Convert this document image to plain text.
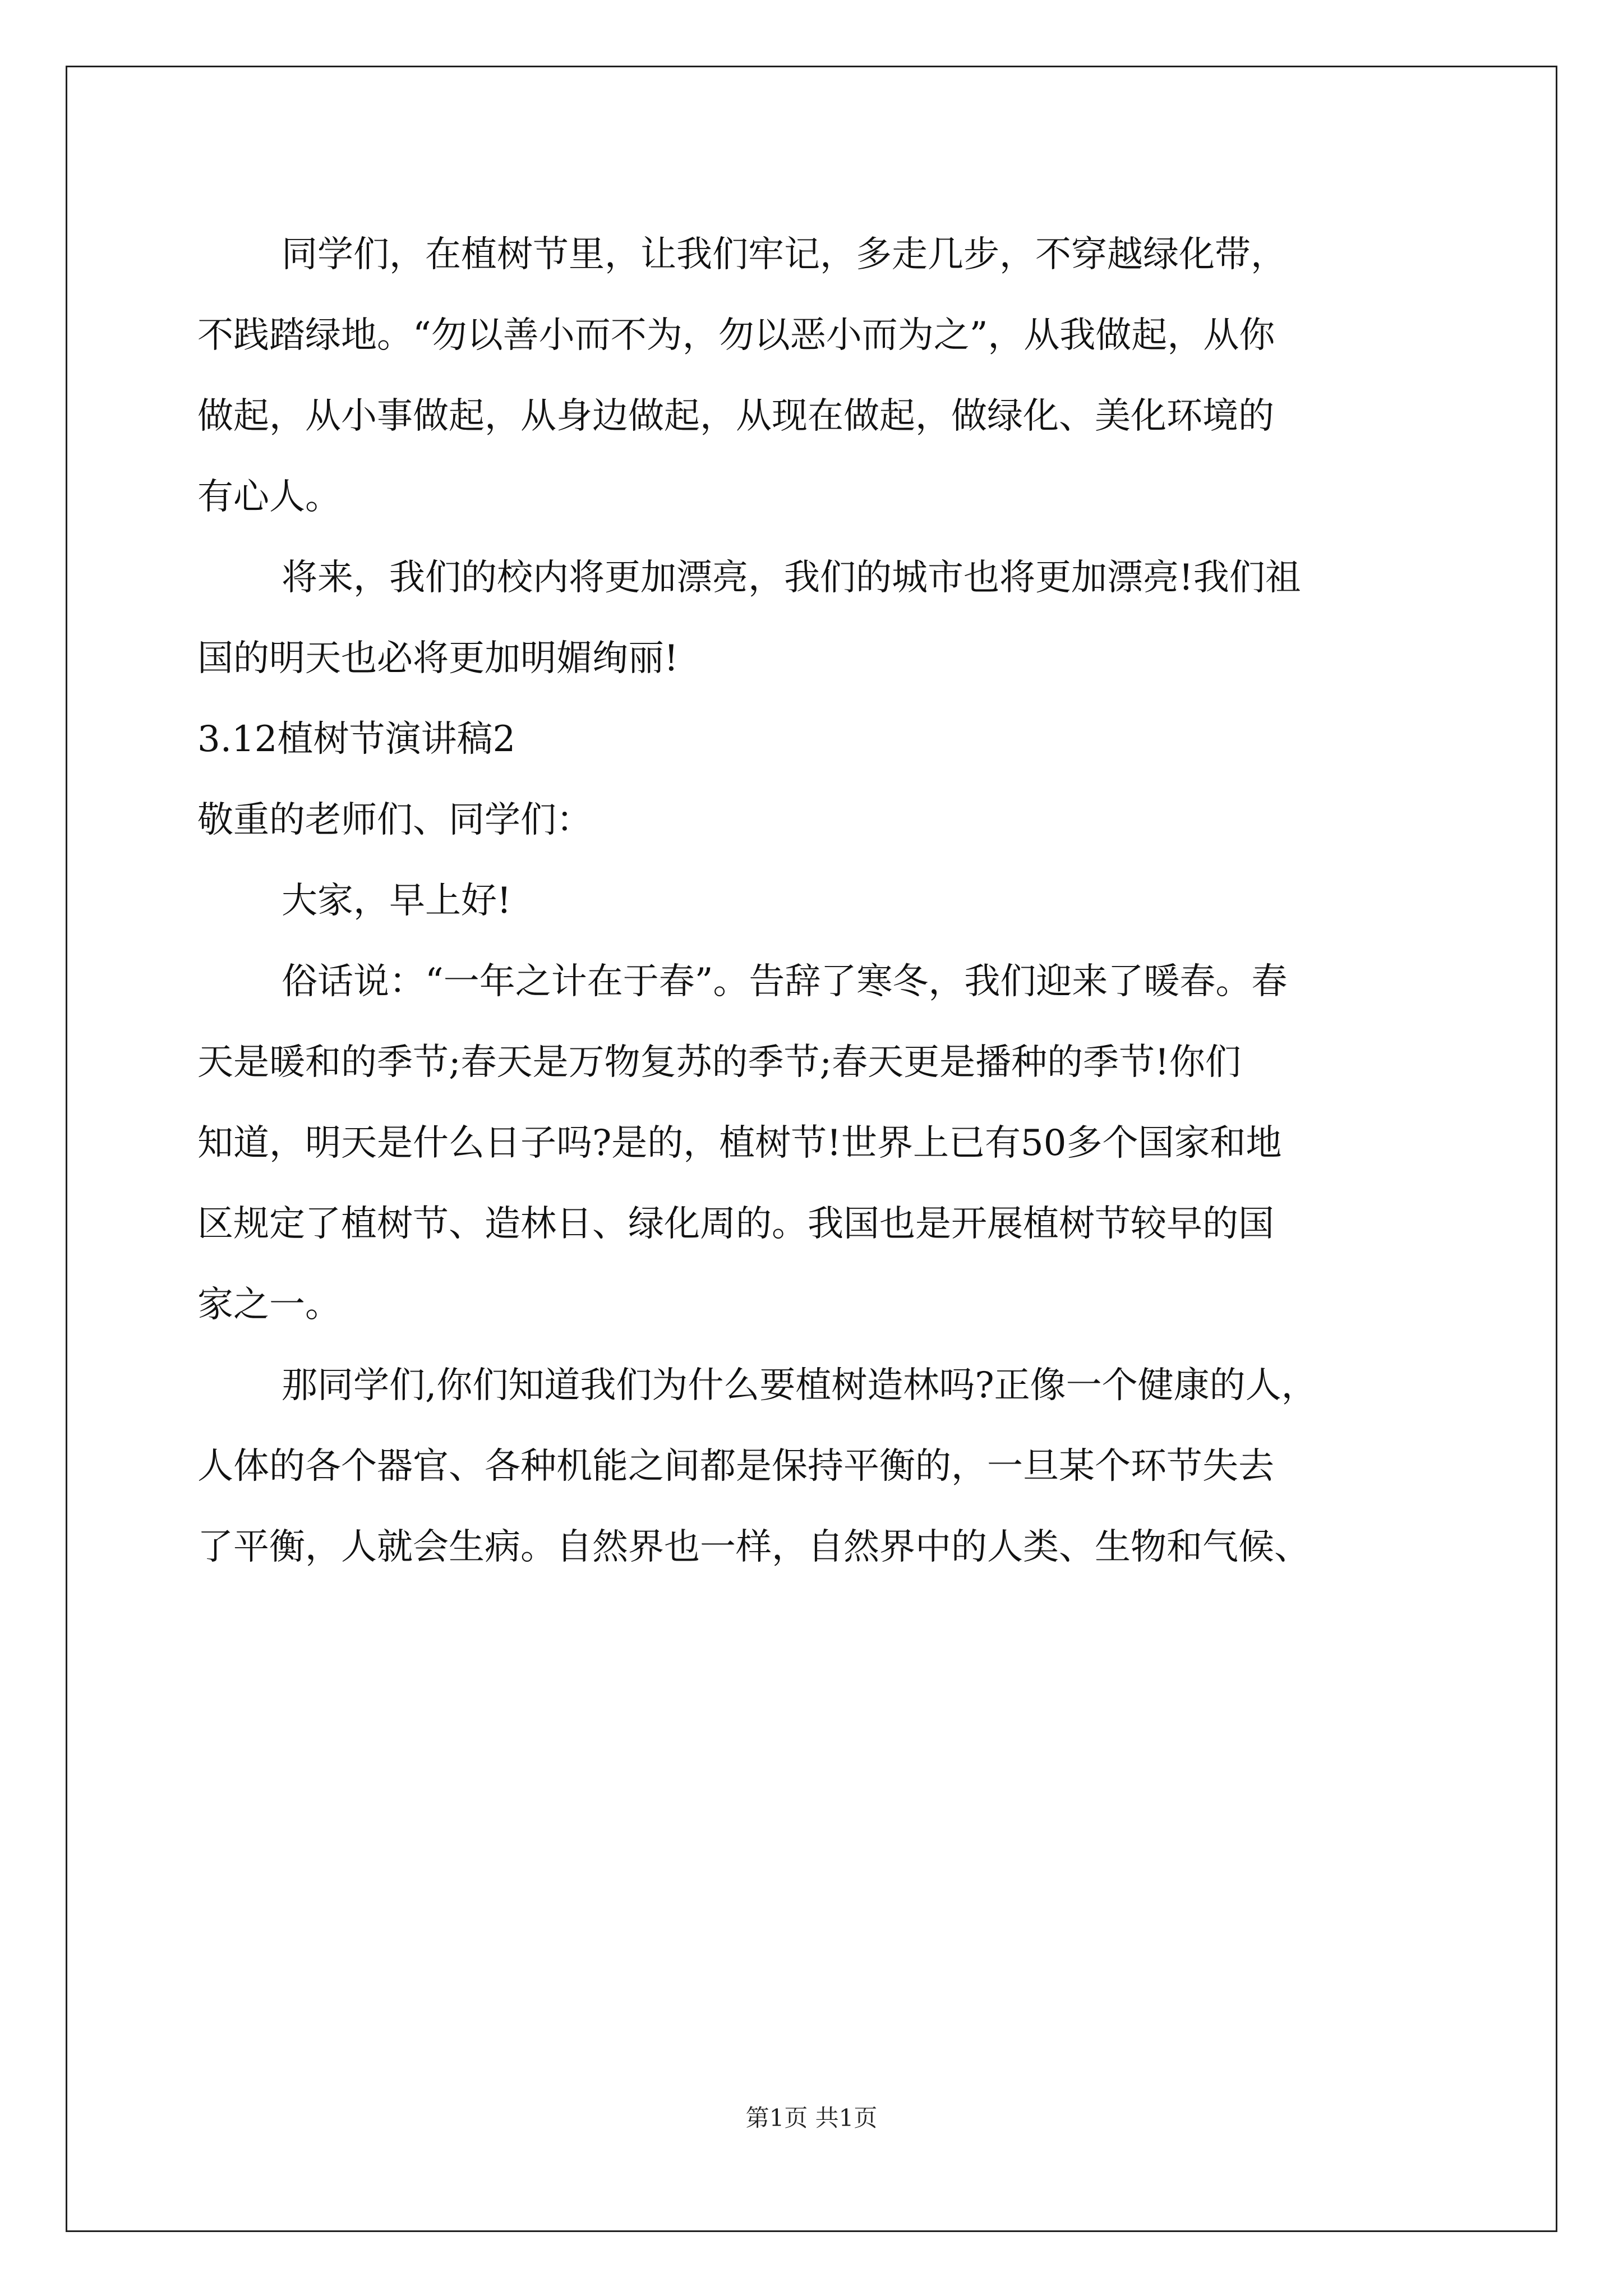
同学们，在植树节里，让我们牢记，多走几步，不穿越绿化带，
不践踏绿地。“勿以善小而不为，勿以恶小而为之”，从我做起，从你
做起，从小事做起，从身边做起，从现在做起，做绿化、美化环境的
有心人。
将来，我们的校内将更加漂亮，我们的城市也将更加漂亮!我们祖
国的明天也必将更加明媚绚丽!
3.12植树节演讲稿2
敬重的老师们、同学们：
大家，早上好!
俗话说：“一年之计在于春”。告辞了寒冬，我们迎来了暖春。春
天是暖和的季节;春天是万物复苏的季节;春天更是播种的季节!你们
知道，明天是什么日子吗?是的，植树节!世界上已有50多个国家和地
区规定了植树节、造林日、绿化周的。我国也是开展植树节较早的国
家之一。
那同学们,你们知道我们为什么要植树造林吗?正像一个健康的人，
人体的各个器官、各种机能之间都是保持平衡的，一旦某个环节失去
了平衡，人就会生病。自然界也一样，自然界中的人类、生物和气候、
第1页 共1页
